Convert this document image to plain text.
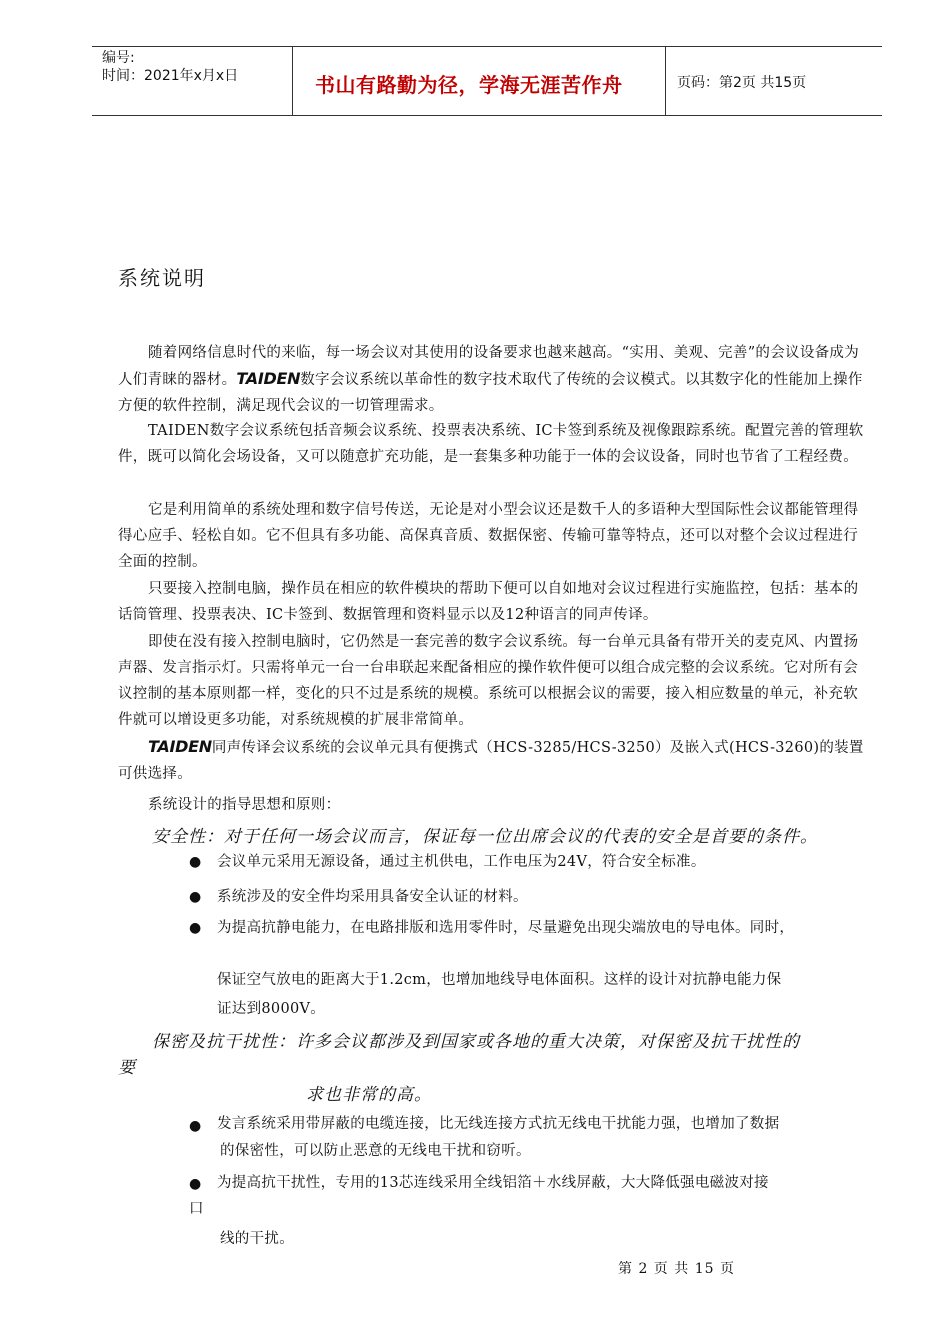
编号:
时间：2021年x月x日	书山有路勤为径，学海无涯苦作舟	页码：第2页 共15页
系统说明
随着网络信息时代的来临，每一场会议对其使用的设备要求也越来越高。“实用、美观、完善”的会议设备成为人们青睐的器材。TAIDEN数字会议系统以革命性的数字技术取代了传统的会议模式。以其数字化的性能加上操作方便的软件控制，满足现代会议的一切管理需求。
TAIDEN数字会议系统包括音频会议系统、投票表决系统、IC卡签到系统及视像跟踪系统。配置完善的管理软件，既可以简化会场设备，又可以随意扩充功能，是一套集多种功能于一体的会议设备，同时也节省了工程经费。
它是利用简单的系统处理和数字信号传送，无论是对小型会议还是数千人的多语种大型国际性会议都能管理得得心应手、轻松自如。它不但具有多功能、高保真音质、数据保密、传输可靠等特点，还可以对整个会议过程进行全面的控制。
只要接入控制电脑，操作员在相应的软件模块的帮助下便可以自如地对会议过程进行实施监控，包括：基本的话筒管理、投票表决、IC卡签到、数据管理和资料显示以及12种语言的同声传译。
即使在没有接入控制电脑时，它仍然是一套完善的数字会议系统。每一台单元具备有带开关的麦克风、内置扬声器、发言指示灯。只需将单元一台一台串联起来配备相应的操作软件便可以组合成完整的会议系统。它对所有会议控制的基本原则都一样，变化的只不过是系统的规模。系统可以根据会议的需要，接入相应数量的单元，补充软件就可以增设更多功能，对系统规模的扩展非常简单。
TAIDEN同声传译会议系统的会议单元具有便携式（HCS-3285/HCS-3250）及嵌入式(HCS-3260)的装置可供选择。
系统设计的指导思想和原则：
安全性：对于任何一场会议而言，保证每一位出席会议的代表的安全是首要的条件。
● 会议单元采用无源设备，通过主机供电，工作电压为24V，符合安全标准。
● 系统涉及的安全件均采用具备安全认证的材料。
● 为提高抗静电能力，在电路排版和选用零件时，尽量避免出现尖端放电的导电体。同时，
保证空气放电的距离大于1.2cm，也增加地线导电体面积。这样的设计对抗静电能力保
证达到8000V。
保密及抗干扰性：许多会议都涉及到国家或各地的重大决策，对保密及抗干扰性的
要
求也非常的高。
● 发言系统采用带屏蔽的电缆连接，比无线连接方式抗无线电干扰能力强，也增加了数据
的保密性，可以防止恶意的无线电干扰和窃听。
● 为提高抗干扰性，专用的13芯连线采用全线铝箔＋水线屏蔽，大大降低强电磁波对接
口
线的干扰。
第 2 页 共 15 页
